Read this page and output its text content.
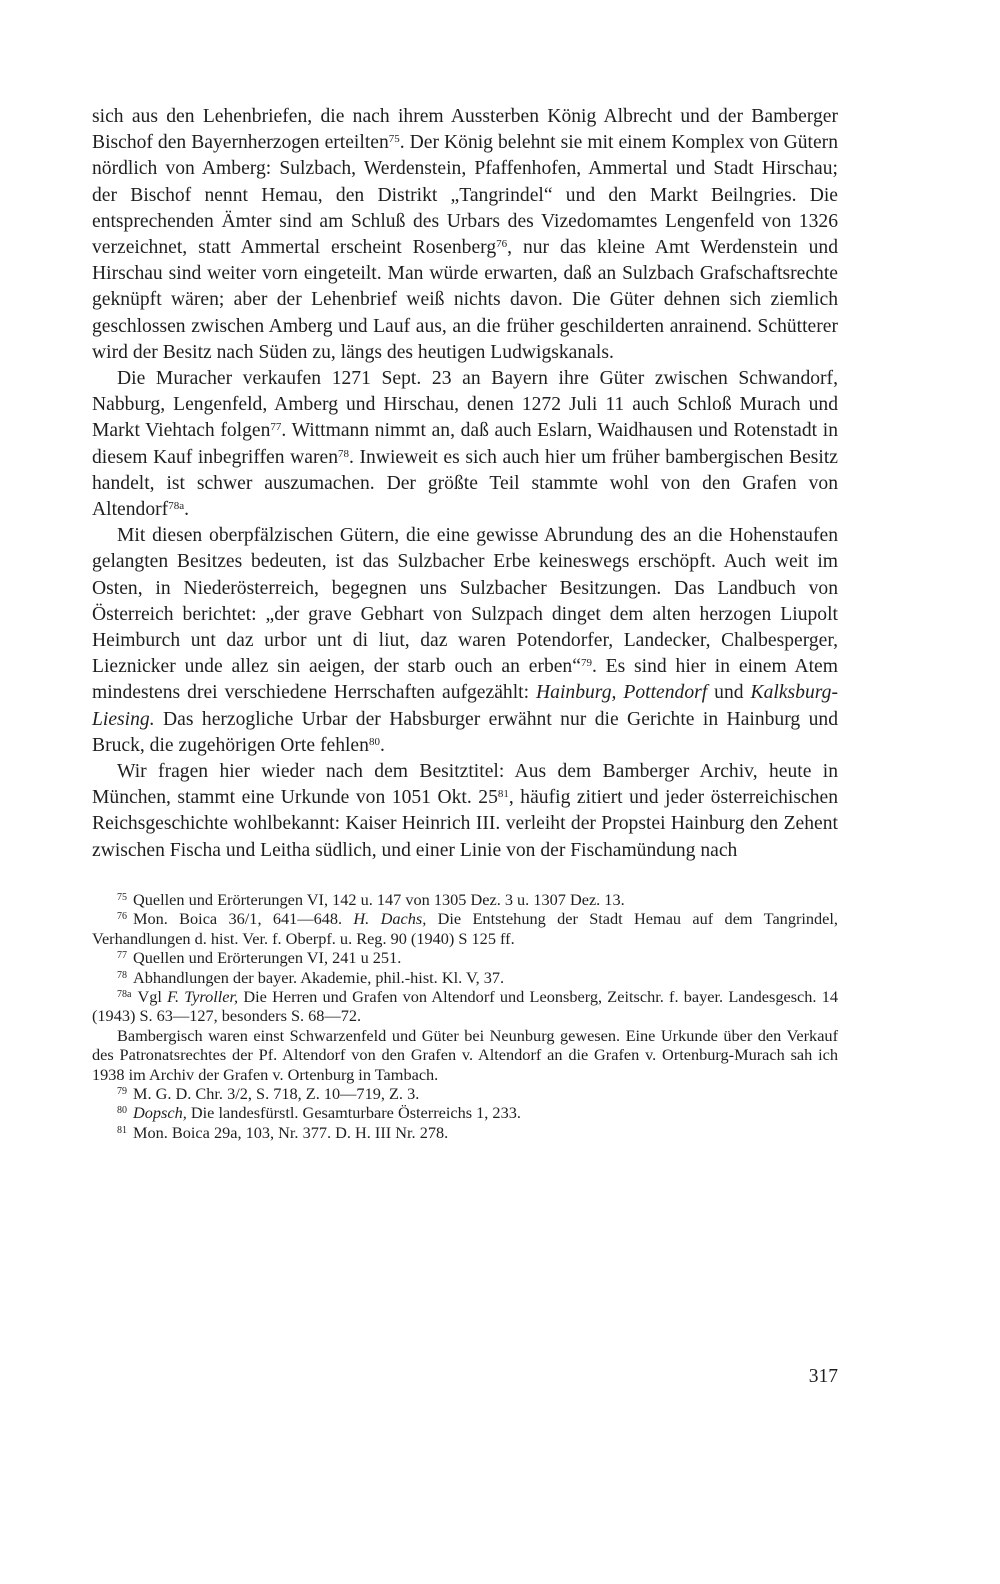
sich aus den Lehenbriefen, die nach ihrem Aussterben König Albrecht und der Bamberger Bischof den Bayernherzogen erteilten$^{75}$. Der König belehnt sie mit einem Komplex von Gütern nördlich von Amberg: Sulzbach, Werdenstein, Pfaffenhofen, Ammertal und Stadt Hirschau; der Bischof nennt Hemau, den Distrikt „Tangrindel“ und den Markt Beilngries. Die entsprechenden Ämter sind am Schluß des Urbars des Vizedomamtes Lengenfeld von 1326 verzeichnet, statt Ammertal erscheint Rosenberg$^{76}$, nur das kleine Amt Werdenstein und Hirschau sind weiter vorn eingeteilt. Man würde erwarten, daß an Sulzbach Grafschaftsrechte geknüpft wären; aber der Lehenbrief weiß nichts davon. Die Güter dehnen sich ziemlich geschlossen zwischen Amberg und Lauf aus, an die früher geschilderten anrainend. Schütterer wird der Besitz nach Süden zu, längs des heutigen Ludwigskanals.

Die Muracher verkaufen 1271 Sept. 23 an Bayern ihre Güter zwischen Schwandorf, Nabburg, Lengenfeld, Amberg und Hirschau, denen 1272 Juli 11 auch Schloß Murach und Markt Viehtach folgen$^{77}$. Wittmann nimmt an, daß auch Eslarn, Waidhausen und Rotenstadt in diesem Kauf inbegriffen waren$^{78}$. Inwieweit es sich auch hier um früher bambergischen Besitz handelt, ist schwer auszumachen. Der größte Teil stammte wohl von den Grafen von Altendorf$^{78a}$.

Mit diesen oberpfälzischen Gütern, die eine gewisse Abrundung des an die Hohenstaufen gelangten Besitzes bedeuten, ist das Sulzbacher Erbe keineswegs erschöpft. Auch weit im Osten, in Niederösterreich, begegnen uns Sulzbacher Besitzungen. Das Landbuch von Österreich berichtet: „der grave Gebhart von Sulzpach dinget dem alten herzogen Liupolt Heimburch unt daz urbor unt di liut, daz waren Potendorfer, Landecker, Chalbesperger, Lieznicker unde allez sin aeigen, der starb ouch an erben“$^{79}$. Es sind hier in einem Atem mindestens drei verschiedene Herrschaften aufgezählt: Hainburg, Pottendorf und Kalksburg-Liesing. Das herzogliche Urbar der Habsburger erwähnt nur die Gerichte in Hainburg und Bruck, die zugehörigen Orte fehlen$^{80}$.

Wir fragen hier wieder nach dem Besitztitel: Aus dem Bamberger Archiv, heute in München, stammt eine Urkunde von 1051 Okt. $25^{81}$, häufig zitiert und jeder österreichischen Reichsgeschichte wohlbekannt: Kaiser Heinrich III. verleiht der Propstei Hainburg den Zehent zwischen Fischa und Leitha südlich, und einer Linie von der Fischamündung nach

$^{75}$ Quellen und Erörterungen VI, 142 u. 147 von 1305 Dez. 3 u. 1307 Dez. 13.

$^{76}$ Mon. Boica 36/1, 641—648. H. Dachs, Die Entstehung der Stadt Hemau auf dem Tangrindel, Verhandlungen d. hist. Ver. f. Oberpf. u. Reg. 90 (1940) S 125 ff.

$^{77}$ Quellen und Erörterungen VI, 241 u 251.

$^{78}$ Abhandlungen der bayer. Akademie, phil.-hist. Kl. V, 37.

$^{78a}$ Vgl F. Tyroller, Die Herren und Grafen von Altendorf und Leonsberg, Zeitschr. f. bayer. Landesgesch. 14 (1943) S. 63—127, besonders S. 68—72.

Bambergisch waren einst Schwarzenfeld und Güter bei Neunburg gewesen. Eine Urkunde über den Verkauf des Patronatsrechtes der Pf. Altendorf von den Grafen v. Altendorf an die Grafen v. Ortenburg-Murach sah ich 1938 im Archiv der Grafen v. Ortenburg in Tambach.

$^{79}$ M. G. D. Chr. 3/2, S. 718, Z. 10—719, Z. 3.

$^{80}$ Dopsch, Die landesfürstl. Gesamturbare Österreichs 1, 233.

$^{81}$ Mon. Boica 29a, 103, Nr. 377. D. H. III Nr. 278.

317
